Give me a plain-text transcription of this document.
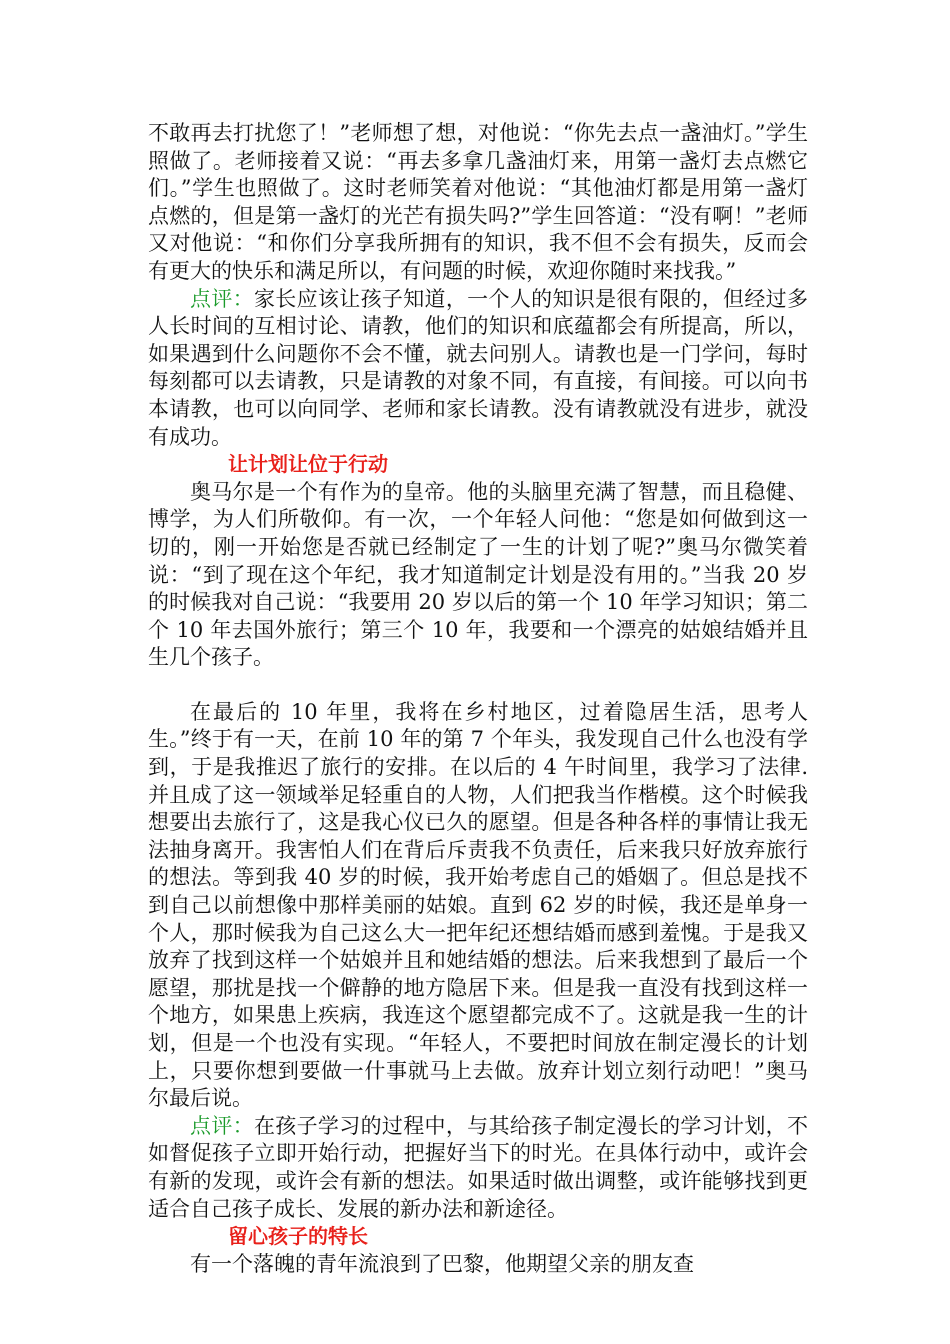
不敢再去打扰您了！”老师想了想，对他说：“你先去点一盏油灯。”学生照做了。老师接着又说：“再去多拿几盏油灯来，用第一盏灯去点燃它们。”学生也照做了。这时老师笑着对他说：“其他油灯都是用第一盏灯点燃的，但是第一盏灯的光芒有损失吗?”学生回答道：“没有啊！”老师又对他说：“和你们分享我所拥有的知识，我不但不会有损失，反而会有更大的快乐和满足所以，有问题的时候，欢迎你随时来找我。”

点评：家长应该让孩子知道，一个人的知识是很有限的，但经过多人长时间的互相讨论、请教，他们的知识和底蕴都会有所提高，所以，如果遇到什么问题你不会不懂，就去问别人。请教也是一门学问，每时每刻都可以去请教，只是请教的对象不同，有直接，有间接。可以向书本请教，也可以向同学、老师和家长请教。没有请教就没有进步，就没有成功。

让计划让位于行动

奥马尔是一个有作为的皇帝。他的头脑里充满了智慧，而且稳健、博学，为人们所敬仰。有一次，一个年轻人问他：“您是如何做到这一切的，刚一开始您是否就已经制定了一生的计划了呢?”奥马尔微笑着说：“到了现在这个年纪，我才知道制定计划是没有用的。”当我 20 岁的时候我对自己说：“我要用 20 岁以后的第一个 10 年学习知识；第二个 10 年去国外旅行；第三个 10 年，我要和一个漂亮的姑娘结婚并且生几个孩子。

在最后的 10 年里，我将在乡村地区，过着隐居生活，思考人生。”终于有一天，在前 10 年的第 7 个年头，我发现自己什么也没有学到，于是我推迟了旅行的安排。在以后的 4 午时间里，我学习了法律. 并且成了这一领域举足轻重自的人物，人们把我当作楷模。这个时候我想要出去旅行了，这是我心仪已久的愿望。但是各种各样的事情让我无法抽身离开。我害怕人们在背后斥责我不负责任，后来我只好放弃旅行的想法。等到我 40 岁的时候，我开始考虑自己的婚姻了。但总是找不到自己以前想像中那样美丽的姑娘。直到 62 岁的时候，我还是单身一个人，那时候我为自己这么大一把年纪还想结婚而感到羞愧。于是我又放弃了找到这样一个姑娘并且和她结婚的想法。后来我想到了最后一个愿望，那扰是找一个僻静的地方隐居下来。但是我一直没有找到这样一个地方，如果患上疾病，我连这个愿望都完成不了。这就是我一生的计划，但是一个也没有实现。“年轻人，不要把时间放在制定漫长的计划上，只要你想到要做一什事就马上去做。放弃计划立刻行动吧！”奥马尔最后说。

点评：在孩子学习的过程中，与其给孩子制定漫长的学习计划，不如督促孩子立即开始行动，把握好当下的时光。在具体行动中，或许会有新的发现，或许会有新的想法。如果适时做出调整，或许能够找到更适合自己孩子成长、发展的新办法和新途径。

留心孩子的特长

有一个落魄的青年流浪到了巴黎，他期望父亲的朋友查
